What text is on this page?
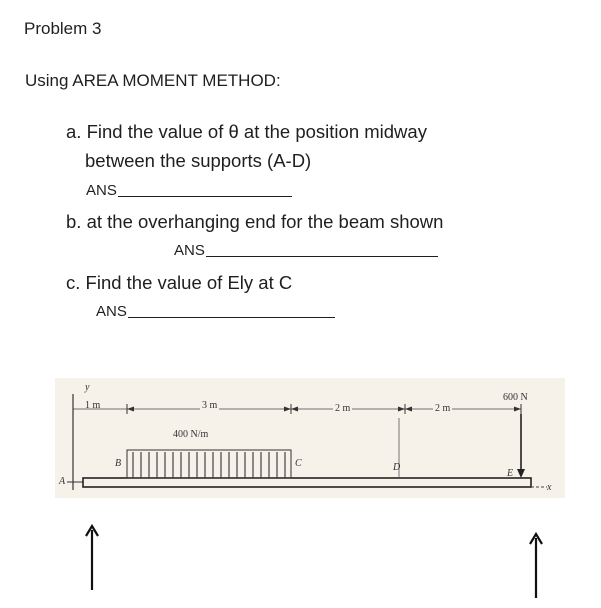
Problem 3
Using AREA MOMENT METHOD:
a. Find the value of θ at the position midway
between the supports (A-D)
ANS
b. at the overhanging end for the beam shown
ANS
c. Find the value of Ely at C
ANS
y
1 m	3 m	2 m	2 m
400 N/m
600 N
A
B	C	D
E
x
